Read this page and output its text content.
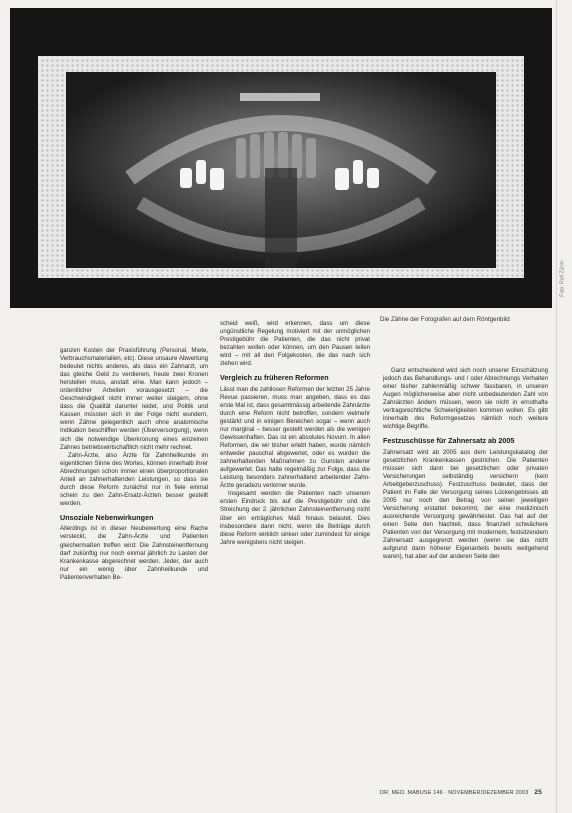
Foto: Rolf Zürrer
Die Zähne der Fotografen auf dem Röntgenbild

ganzen Kosten der Praxisführung (Personal, Miete, Verbrauchsmaterialien, etc). Diese unsaure Abwertung bedeutet nichts anderes, als dass ein Zahnarzt, um das gleiche Geld zu verdienen, heute zwei Kronen herstellen muss, anstatt eine. Man kann jedoch – ordentlicher Arbeiten vorausgesetzt – die Geschwindigkeit nicht immer weiter steigern, ohne dass die Qualität darunter leidet, und Politik und Kassen müssten sich in der Folge nicht wundern, wenn Zähne gelegentlich auch ohne anatomische Indikation beschliffen werden (Überversorgung), wenn sich die notwendige Überkronung eines einzelnen Zahnes betriebswirtschaftlich nicht mehr rechnet.

Zahn-Ärzte, also Ärzte für Zahnheilkunde im eigentlichen Sinne des Wortes, können innerhalb ihrer Abrechnungen schon immer einen überproportionalen Anteil an zahnerhaltenden Leistungen, so dass sie durch diese Reform zunächst nur in fiele einmal schein zu den Zahn-Ersatz-Ärzten besser gestellt werden.

Unsoziale Nebenwirkungen

Allerdings ist in dieser Neubewertung eine Rache versteckt, die Zahn-Ärzte und Patienten gleichermaßen treffen wird: Die Zahnsteinentfernung darf zukünftig nur noch einmal jährlich zu Lasten der Krankenkasse abgerechnet werden. Jeder, der auch nur ein wenig über Zahnheilkunde und Patientenverhalten Be-

scheid weiß, wird erkennen, dass um diese ungünstliche Regelung motiviert mit der unmöglichen Prestigebühr die Patienten, die das nicht privat bezahlen wollen oder können, um den Pausen teilen wird – mit all den Folgekosten, die das nach sich ziehen wird.

Vergleich zu früheren Reformen

Lässt man die zahllosen Reformen der letzten 25 Jahre Revue passieren, muss man angeben, dass es das erste Mal ist, dass gesamtmässig arbeitende Zahnärzte durch eine Reform nicht betroffen, sondern vielmehr gestärkt und in einigen Bereichen sogar – wenn auch nur marginal – besser gestellt werden als die wenigen Gewissenhaften. Das ist ein absolutes Novum. In allen Reformen, die wir bisher erlebt haben, wurde nämlich entweder pauschal abgewertet, oder es wurden die zahnerhaltenden Maßnahmen zu Gunsten anderer aufgewertet. Das hatte regelmäßig zur Folge, dass die Leistung besonders zahnerhaltend arbeitender Zahn-Ärzte geradezu verlorner wurde.

Insgesamt werden die Patienten nach unserem ersten Eindruck bis auf die Prestigebühr und die Streichung der 2. jährlichen Zahnsteinentfernung nicht über ein erträgliches Maß hinaus belastet. Dies insbesondere dann nicht, wenn die Beiträge durch diese Reform wirklich sinken oder zumindest für einige Jahre wenigstens nicht steigen.

Ganz entscheidend wird sich noch unserer Einschätzung jedoch das Behandlungs- und / oder Abrechnungs Verhalten einer bisher zahlenmäßig schwer fassbaren, in unseren Augen möglicherweise aber nicht unbedeutenden Zahl von Zahnärzten ändern müssen, wenn sie nicht in ernsthafte vertragsrechtliche Schwierigkeiten kommen wollen. Es gibt innerhalb des Reformgesetzes nämlich noch weitere wichtige Begriffe.

Festzuschüsse für Zahnersatz ab 2005

Zahnersatz wird ab 2005 aus dem Leistungskatalog der gesetzlichen Krankenkassen gestrichen. Die Patienten müssen sich dann bei gesetzlichen oder privaten Versicherungen selbständig versichern (kein Arbeitgeberzuschuss). Festzuschuss bedeutet, dass der Patient im Falle der Versorgung seines Lückengebisses ab 2005 nur noch den Betrag von seiner jeweiligen Versicherung erstattet bekommt, der eine medizinisch ausreichende Versorgung gewährleistet. Das hat auf der einen Seite den Nachteil, dass finanziell schwächere Patienten von der Versorgung mit modernem, festsitzendem Zahnersatz ausgegrenzt werden (wenn sie das nicht aufgrund dann höherer Eigenanteils bereits weitgehend waren), hat aber auf der anderen Seite den

DR. MED. MABUSE 146 · NOVEMBER/DEZEMBER 2003 25
